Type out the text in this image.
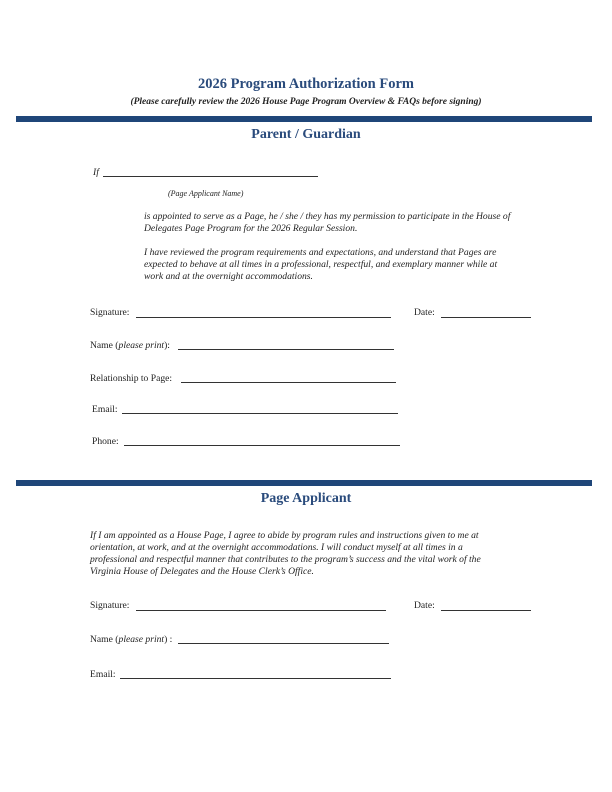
2026 Program Authorization Form
(Please carefully review the 2026 House Page Program Overview & FAQs before signing)
Parent / Guardian
If
(Page Applicant Name)
is appointed to serve as a Page, he / she / they has my permission to participate in the House of Delegates Page Program for the 2026 Regular Session.
I have reviewed the program requirements and expectations, and understand that Pages are expected to behave at all times in a professional, respectful, and exemplary manner while at work and at the overnight accommodations.
Signature:	Date:
Name (please print):
Relationship to Page:
Email:
Phone:
Page Applicant
If I am appointed as a House Page, I agree to abide by program rules and instructions given to me at orientation, at work, and at the overnight accommodations. I will conduct myself at all times in a professional and respectful manner that contributes to the program’s success and the vital work of the Virginia House of Delegates and the House Clerk’s Office.
Signature:	Date:
Name (please print) :
Email:
